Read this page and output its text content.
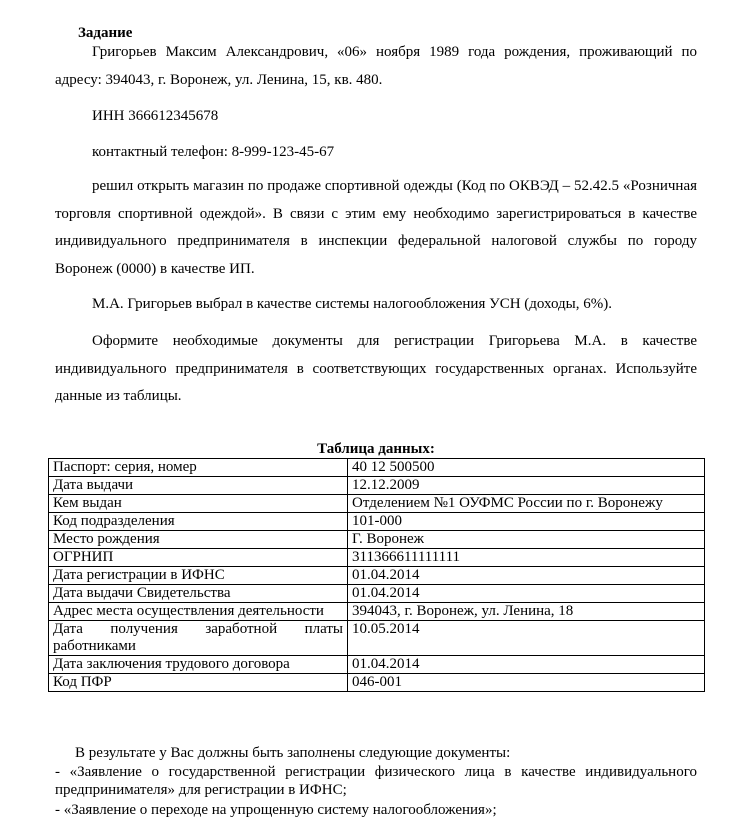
Задание
Григорьев Максим Александрович, «06» ноября 1989 года рождения, проживающий по адресу: 394043, г. Воронеж, ул. Ленина, 15, кв. 480.
ИНН 366612345678
контактный телефон: 8-999-123-45-67
решил открыть магазин по продаже спортивной одежды (Код по ОКВЭД – 52.42.5 «Розничная торговля спортивной одеждой». В связи с этим ему необходимо зарегистрироваться в качестве индивидуального предпринимателя в инспекции федеральной налоговой службы по городу Воронеж (0000) в качестве ИП.
М.А. Григорьев выбрал в качестве системы налогообложения УСН (доходы, 6%).
Оформите необходимые документы для регистрации Григорьева М.А. в качестве индивидуального предпринимателя в соответствующих государственных органах. Используйте данные из таблицы.
Таблица данных:
Паспорт: серия, номер	40 12 500500
Дата выдачи	12.12.2009
Кем выдан	Отделением №1 ОУФМС России по г. Воронежу
Код подразделения	101-000
Место рождения	Г. Воронеж
ОГРНИП	311366611111111
Дата регистрации в ИФНС	01.04.2014
Дата выдачи Свидетельства	01.04.2014
Адрес места осуществления деятельности	394043, г. Воронеж, ул. Ленина, 18
Дата получения заработной платы работниками	10.05.2014
Дата заключения трудового договора	01.04.2014
Код ПФР	046-001
В результате у Вас должны быть заполнены следующие документы:
- «Заявление о государственной регистрации физического лица в качестве индивидуального предпринимателя» для регистрации в ИФНС;
- «Заявление о переходе на упрощенную систему налогообложения»;
